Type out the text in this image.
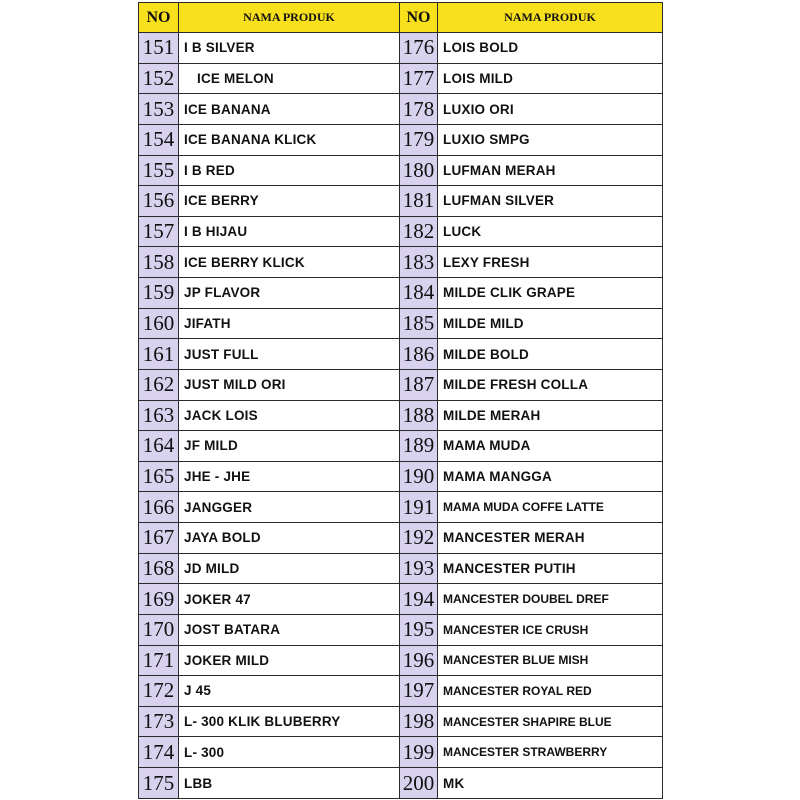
NO	NAMA PRODUK	NO	NAMA PRODUK
151	I B SILVER	176	LOIS BOLD
152	ICE MELON	177	LOIS MILD
153	ICE BANANA	178	LUXIO ORI
154	ICE BANANA KLICK	179	LUXIO SMPG
155	I B RED	180	LUFMAN MERAH
156	ICE BERRY	181	LUFMAN SILVER
157	I B HIJAU	182	LUCK
158	ICE BERRY KLICK	183	LEXY FRESH
159	JP FLAVOR	184	MILDE CLIK GRAPE
160	JIFATH	185	MILDE MILD
161	JUST FULL	186	MILDE BOLD
162	JUST MILD ORI	187	MILDE FRESH COLLA
163	JACK LOIS	188	MILDE MERAH
164	JF MILD	189	MAMA MUDA
165	JHE - JHE	190	MAMA MANGGA
166	JANGGER	191	MAMA MUDA COFFE LATTE
167	JAYA BOLD	192	MANCESTER MERAH
168	JD MILD	193	MANCESTER PUTIH
169	JOKER 47	194	MANCESTER DOUBEL DREF
170	JOST BATARA	195	MANCESTER ICE CRUSH
171	JOKER MILD	196	MANCESTER BLUE MISH
172	J 45	197	MANCESTER ROYAL RED
173	L- 300 KLIK BLUBERRY	198	MANCESTER SHAPIRE BLUE
174	L- 300	199	MANCESTER STRAWBERRY
175	LBB	200	MK
